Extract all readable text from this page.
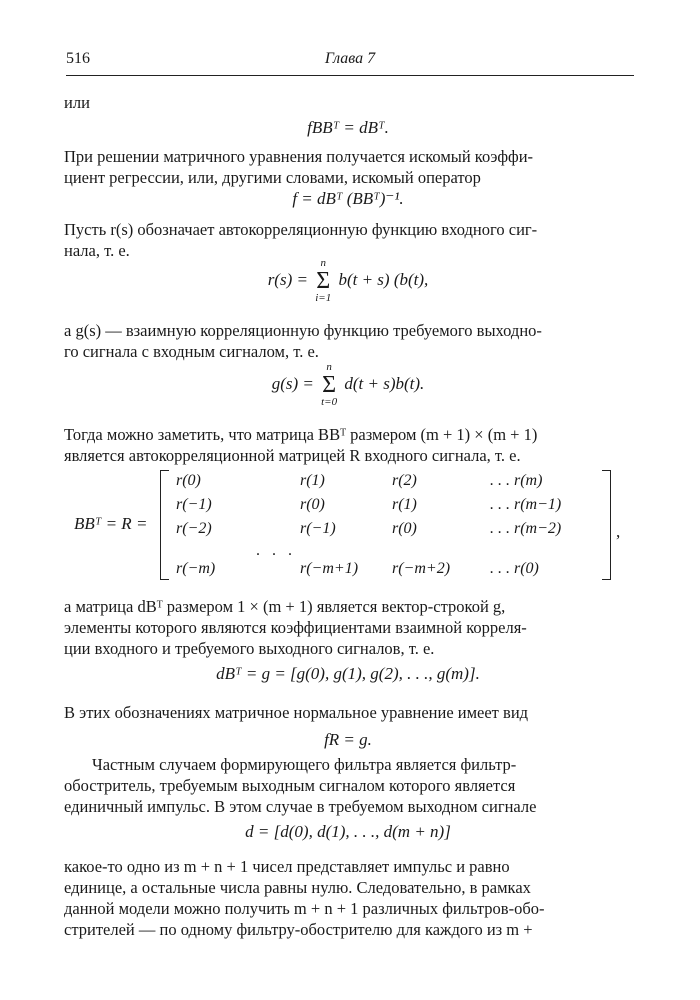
516	Глава 7
или
fBBᵀ = dBᵀ.
При решении матричного уравнения получается искомый коэффи-
циент регрессии, или, другими словами, искомый оператор
f = dBᵀ (BBᵀ)⁻¹.
Пусть r(s) обозначает автокорреляционную функцию входного сиг-
нала, т. е.
r(s) =
n
Σ
i=1
b(t + s) (b(t),
а g(s) — взаимную корреляционную функцию требуемого выходно-
го сигнала с входным сигналом, т. е.
g(s) =
n
Σ
t=0
d(t + s)b(t).
Тогда можно заметить, что матрица BBᵀ размером (m + 1) × (m + 1)
является автокорреляционной матрицей R входного сигнала, т. е.
BBᵀ = R =	,
r(0)	r(1)	r(2)	. . . r(m)
r(−1)	r(0)	r(1)	. . . r(m−1)
r(−2)	r(−1)	r(0)	. . . r(m−2)
. . .
r(−m)	r(−m+1) r(−m+2) . . . r(0)
а матрица dBᵀ размером 1 × (m + 1) является вектор-строкой g,
элементы которого являются коэффициентами взаимной корреля-
ции входного и требуемого выходного сигналов, т. е.
dBᵀ = g = [g(0), g(1), g(2), . . ., g(m)].
В этих обозначениях матричное нормальное уравнение имеет вид
fR = g.
Частным случаем формирующего фильтра является фильтр-
обостритель, требуемым выходным сигналом которого является
единичный импульс. В этом случае в требуемом выходном сигнале
d = [d(0), d(1), . . ., d(m + n)]
какое-то одно из m + n + 1 чисел представляет импульс и равно
единице, а остальные числа равны нулю. Следовательно, в рамках
данной модели можно получить m + n + 1 различных фильтров-обо-
стрителей — по одному фильтру-обострителю для каждого из m +
